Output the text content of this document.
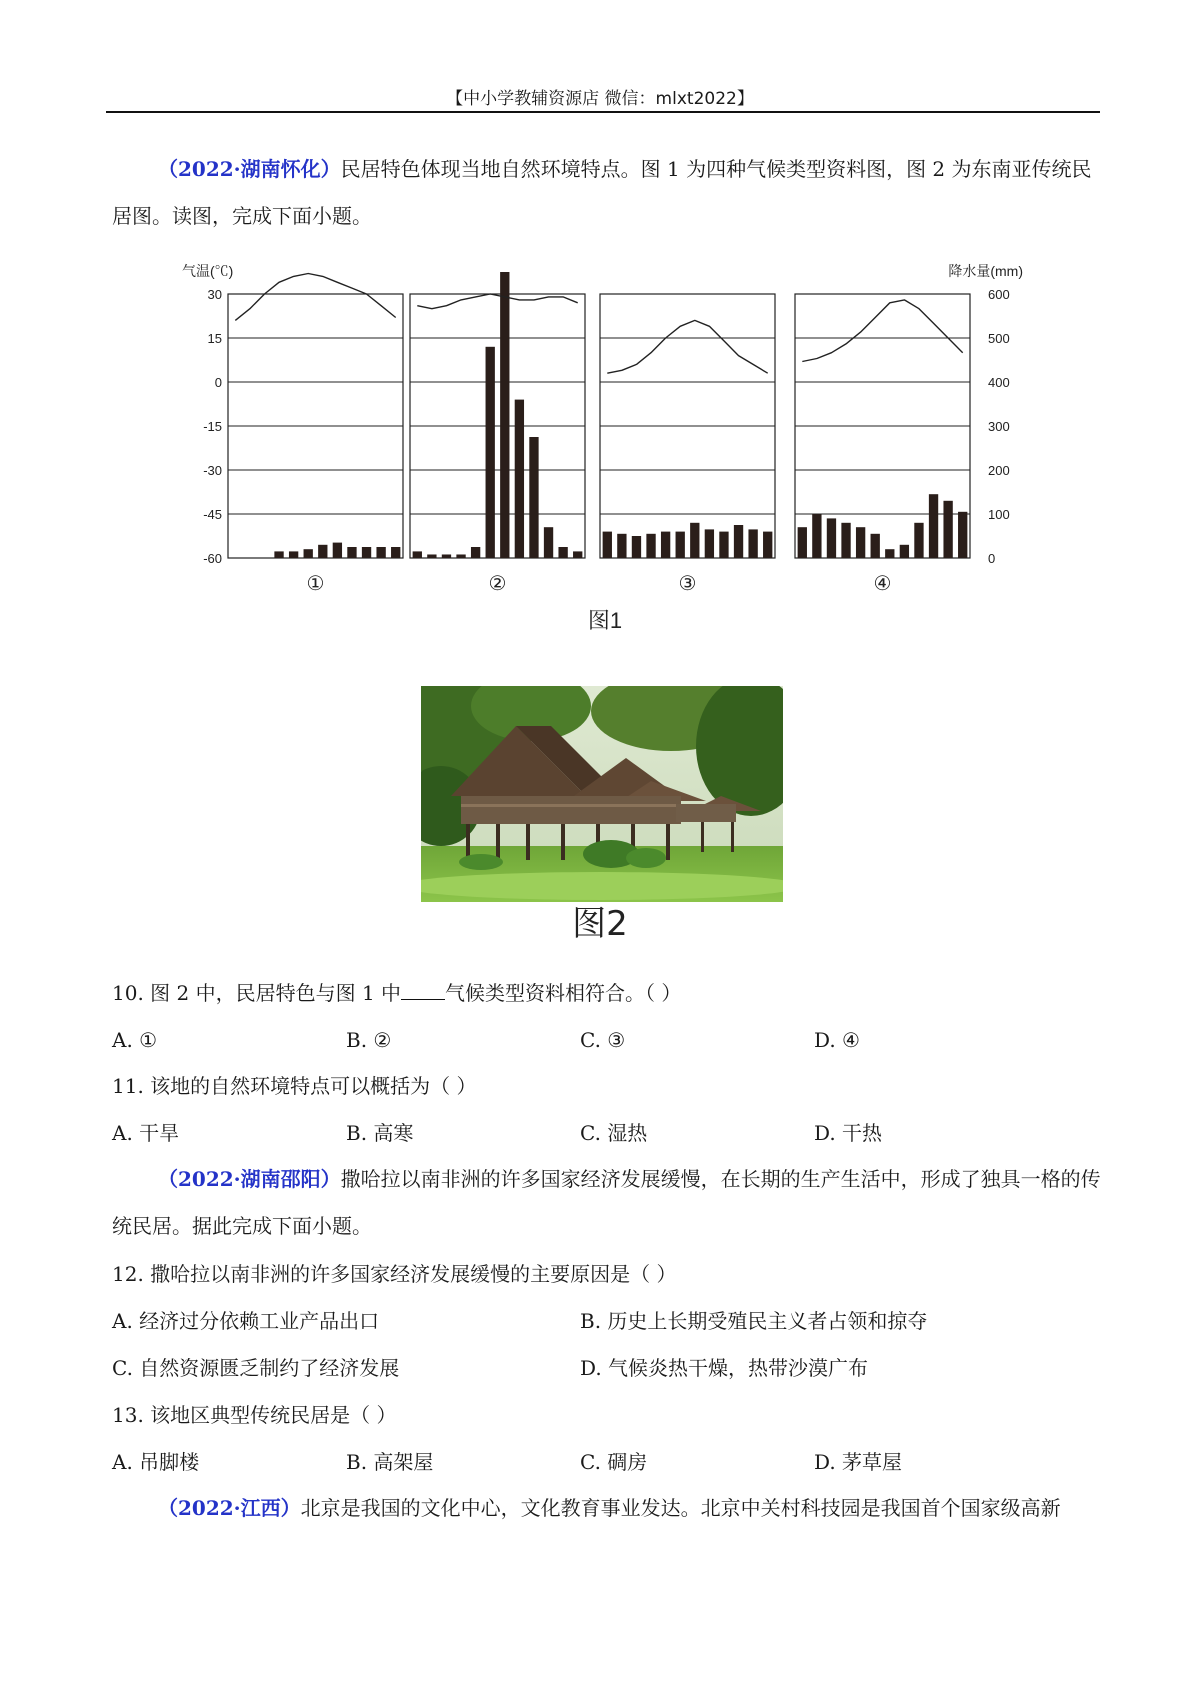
【中小学教辅资源店 微信：mlxt2022】
（2022·湖南怀化）民居特色体现当地自然环境特点。图 1 为四种气候类型资料图，图 2 为东南亚传统民居图。读图，完成下面小题。
气温(℃)	降水量(mm)
30
15
0
-15
-30
-45
-60
600
500
400
300
200
100
0
①	②	③	④
图1
图2
10. 图 2 中，民居特色与图 1 中 气候类型资料相符合。（ ）
A. ①	B. ②	C. ③	D. ④
11. 该地的自然环境特点可以概括为（ ）
A. 干旱	B. 高寒	C. 湿热	D. 干热
（2022·湖南邵阳）撒哈拉以南非洲的许多国家经济发展缓慢，在长期的生产生活中，形成了独具一格的传统民居。据此完成下面小题。
12. 撒哈拉以南非洲的许多国家经济发展缓慢的主要原因是（ ）
A. 经济过分依赖工业产品出口	B. 历史上长期受殖民主义者占领和掠夺
C. 自然资源匮乏制约了经济发展	D. 气候炎热干燥，热带沙漠广布
13. 该地区典型传统民居是（ ）
A. 吊脚楼	B. 高架屋	C. 碉房	D. 茅草屋
（2022·江西）北京是我国的文化中心，文化教育事业发达。北京中关村科技园是我国首个国家级高新
